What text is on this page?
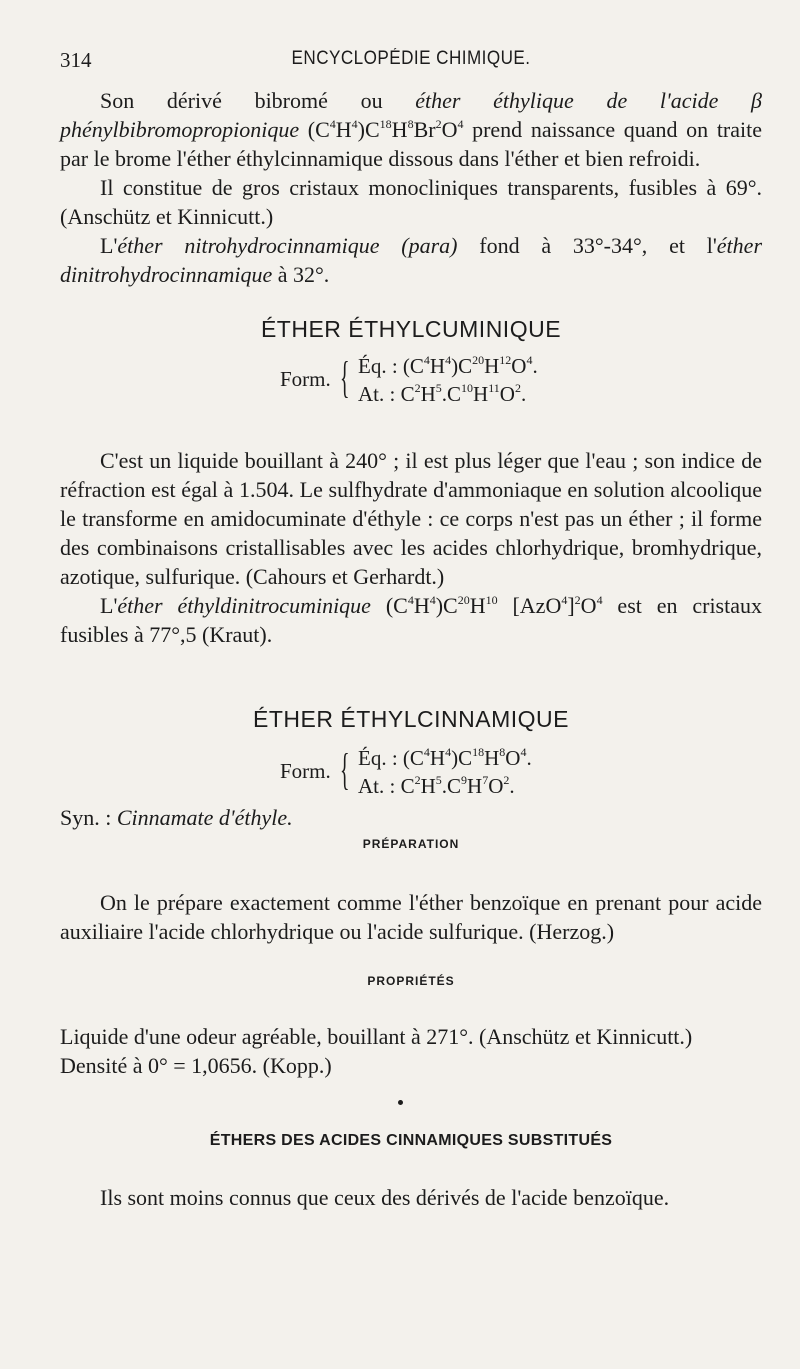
314	ENCYCLOPÉDIE CHIMIQUE.

Son dérivé bibromé ou éther éthylique de l'acide β phénylbibromopropionique $(C^4H^4)C^{18}H^8Br^2O^4$ prend naissance quand on traite par le brome l'éther éthylcinnamique dissous dans l'éther et bien refroidi.

Il constitue de gros cristaux monocliniques transparents, fusibles à 69°. (Anschütz et Kinnicutt.)

L'éther nitrohydrocinnamique (para) fond à 33°-34°, et l'éther dinitrohydrocinnamique à 32°.

ÉTHER ÉTHYLCUMINIQUE
Form. { Éq. : $(C^4H^4)C^{20}H^{12}O^4$.
At. : $C^2H^5.C^{10}H^{11}O^2$.

C'est un liquide bouillant à 240° ; il est plus léger que l'eau ; son indice de réfraction est égal à 1.504. Le sulfhydrate d'ammoniaque en solution alcoolique le transforme en amidocuminate d'éthyle : ce corps n'est pas un éther ; il forme des combinaisons cristallisables avec les acides chlorhydrique, bromhydrique, azotique, sulfurique. (Cahours et Gerhardt.)

L'éther éthyldinitrocuminique $(C^4H^4)C^{20}H^{10}$ $[AzO^4]^2O^4$ est en cristaux fusibles à 77°,5 (Kraut).

ÉTHER ÉTHYLCINNAMIQUE
Form. { Éq. : $(C^4H^4)C^{18}H^8O^4$.
At. : $C^2H^5.C^9H^7O^2$.

Syn. : Cinnamate d'éthyle.

PRÉPARATION

On le prépare exactement comme l'éther benzoïque en prenant pour acide auxiliaire l'acide chlorhydrique ou l'acide sulfurique. (Herzog.)

PROPRIÉTÉS

Liquide d'une odeur agréable, bouillant à 271°. (Anschütz et Kinnicutt.)

Densité à 0° = 1,0656. (Kopp.)

ÉTHERS DES ACIDES CINNAMIQUES SUBSTITUÉS

Ils sont moins connus que ceux des dérivés de l'acide benzoïque.
